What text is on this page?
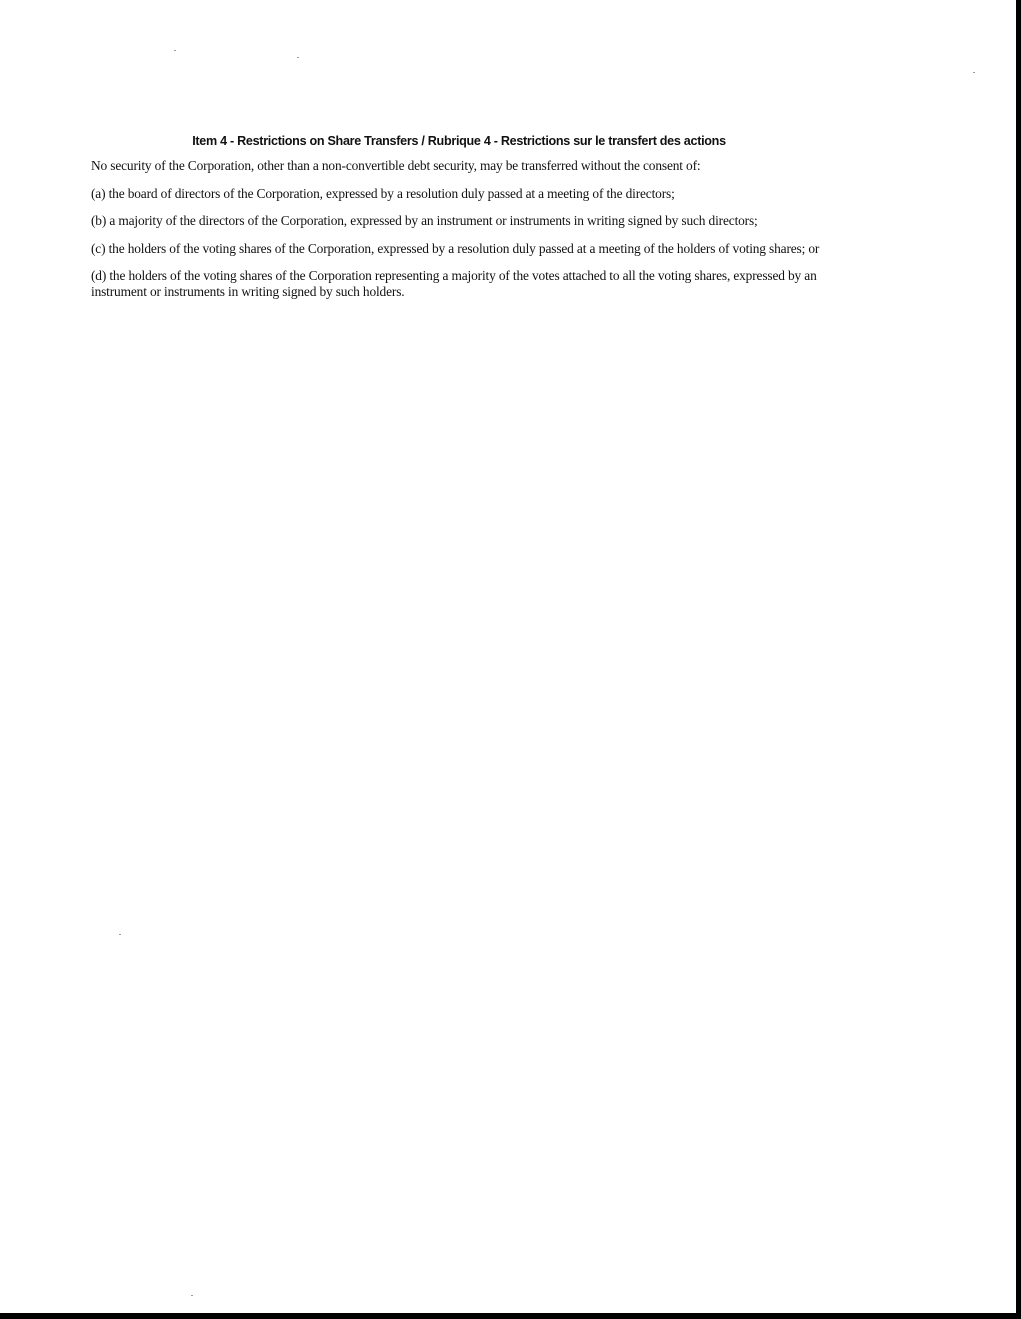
Item 4 - Restrictions on Share Transfers / Rubrique 4 - Restrictions sur le transfert des actions

No security of the Corporation, other than a non-convertible debt security, may be transferred without the consent of:

(a) the board of directors of the Corporation, expressed by a resolution duly passed at a meeting of the directors;

(b) a majority of the directors of the Corporation, expressed by an instrument or instruments in writing signed by such directors;

(c) the holders of the voting shares of the Corporation, expressed by a resolution duly passed at a meeting of the holders of voting shares; or

(d) the holders of the voting shares of the Corporation representing a majority of the votes attached to all the voting shares, expressed by an instrument or instruments in writing signed by such holders.
